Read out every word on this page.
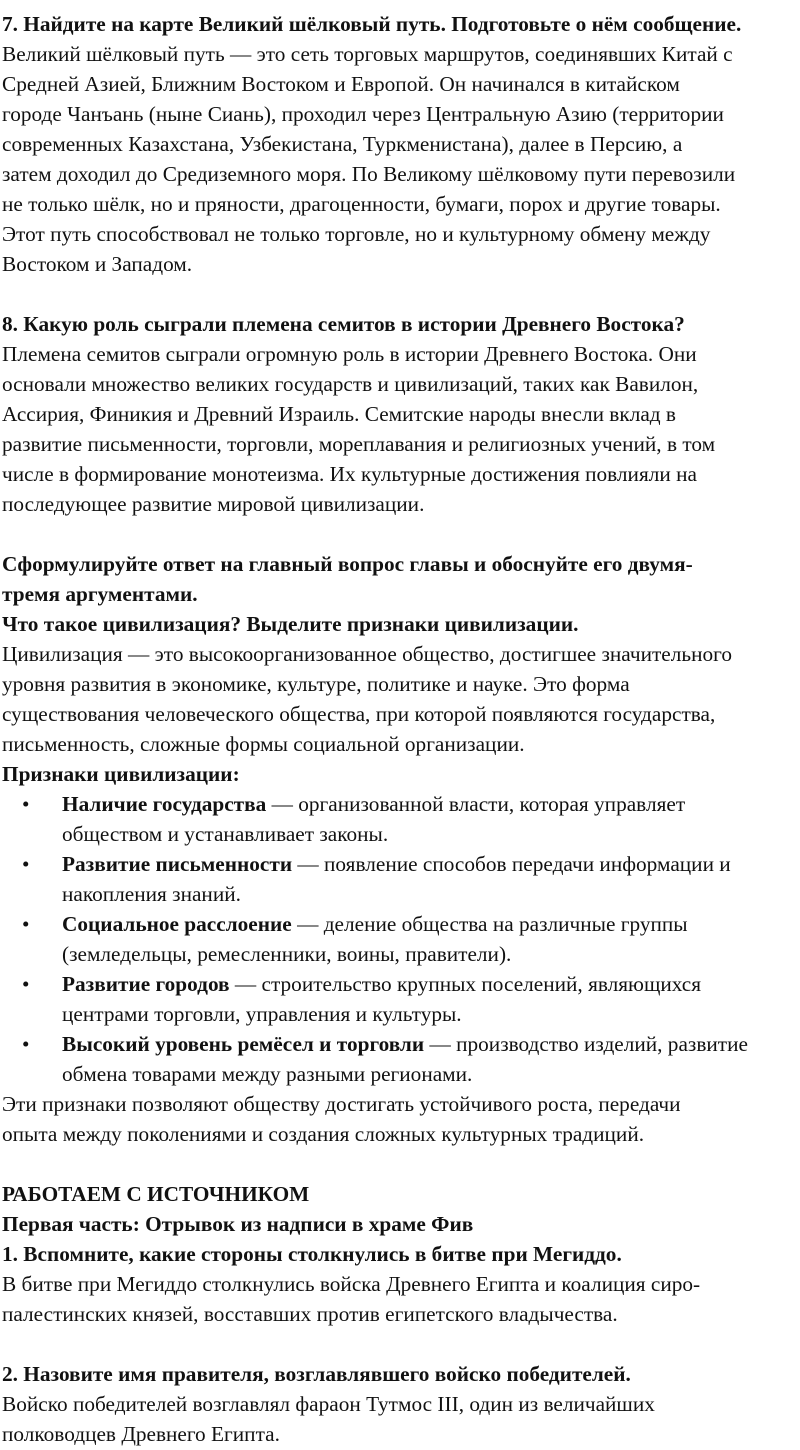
7. Найдите на карте Великий шёлковый путь. Подготовьте о нём сообщение.
Великий шёлковый путь — это сеть торговых маршрутов, соединявших Китай с
Средней Азией, Ближним Востоком и Европой. Он начинался в китайском
городе Чанъань (ныне Сиань), проходил через Центральную Азию (территории
современных Казахстана, Узбекистана, Туркменистана), далее в Персию, а
затем доходил до Средиземного моря. По Великому шёлковому пути перевозили
не только шёлк, но и пряности, драгоценности, бумаги, порох и другие товары.
Этот путь способствовал не только торговле, но и культурному обмену между
Востоком и Западом.
8. Какую роль сыграли племена семитов в истории Древнего Востока?
Племена семитов сыграли огромную роль в истории Древнего Востока. Они
основали множество великих государств и цивилизаций, таких как Вавилон,
Ассирия, Финикия и Древний Израиль. Семитские народы внесли вклад в
развитие письменности, торговли, мореплавания и религиозных учений, в том
числе в формирование монотеизма. Их культурные достижения повлияли на
последующее развитие мировой цивилизации.
Сформулируйте ответ на главный вопрос главы и обоснуйте его двумя-
тремя аргументами.
Что такое цивилизация? Выделите признаки цивилизации.
Цивилизация — это высокоорганизованное общество, достигшее значительного
уровня развития в экономике, культуре, политике и науке. Это форма
существования человеческого общества, при которой появляются государства,
письменность, сложные формы социальной организации.
Признаки цивилизации:
• Наличие государства — организованной власти, которая управляет
обществом и устанавливает законы.
• Развитие письменности — появление способов передачи информации и
накопления знаний.
• Социальное расслоение — деление общества на различные группы
(земледельцы, ремесленники, воины, правители).
• Развитие городов — строительство крупных поселений, являющихся
центрами торговли, управления и культуры.
• Высокий уровень ремёсел и торговли — производство изделий, развитие
обмена товарами между разными регионами.
Эти признаки позволяют обществу достигать устойчивого роста, передачи
опыта между поколениями и создания сложных культурных традиций.
РАБОТАЕМ С ИСТОЧНИКОМ
Первая часть: Отрывок из надписи в храме Фив
1. Вспомните, какие стороны столкнулись в битве при Мегиддо.
В битве при Мегиддо столкнулись войска Древнего Египта и коалиция сиро-
палестинских князей, восставших против египетского владычества.
2. Назовите имя правителя, возглавлявшего войско победителей.
Войско победителей возглавлял фараон Тутмос III, один из величайших
полководцев Древнего Египта.
